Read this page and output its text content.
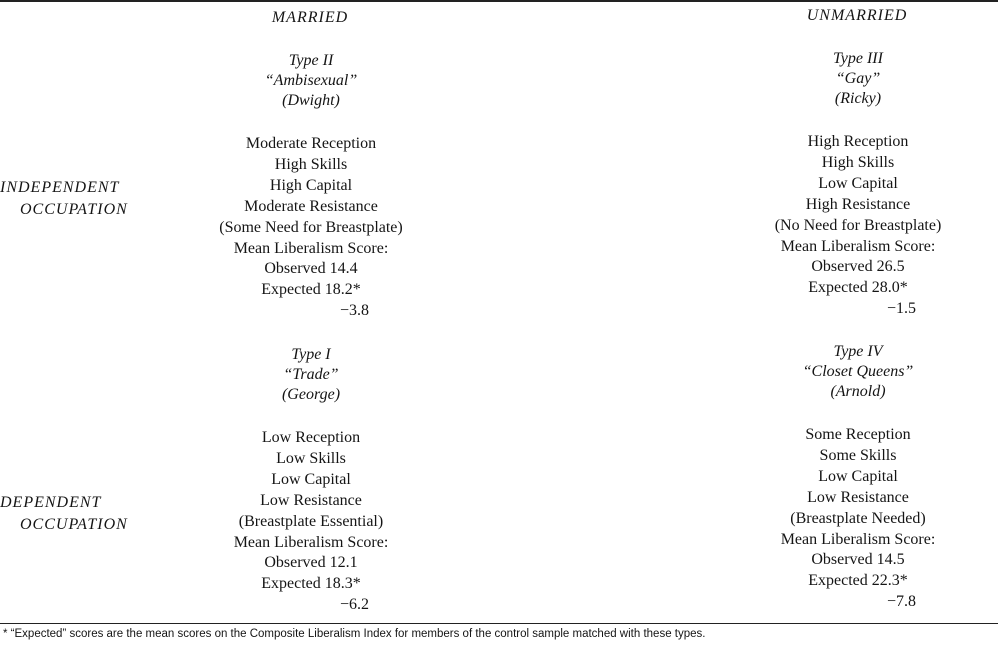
MARRIED	UNMARRIED
INDEPENDENT
OCCUPATION
DEPENDENT
OCCUPATION
Type II
“Ambisexual”
(Dwight)
Moderate Reception
High Skills
High Capital
Moderate Resistance
(Some Need for Breastplate)
Mean Liberalism Score:
Observed 14.4
Expected 18.2*
−3.8
Type III
“Gay”
(Ricky)
High Reception
High Skills
Low Capital
High Resistance
(No Need for Breastplate)
Mean Liberalism Score:
Observed 26.5
Expected 28.0*
−1.5
Type I
“Trade”
(George)
Low Reception
Low Skills
Low Capital
Low Resistance
(Breastplate Essential)
Mean Liberalism Score:
Observed 12.1
Expected 18.3*
−6.2
Type IV
“Closet Queens”
(Arnold)
Some Reception
Some Skills
Low Capital
Low Resistance
(Breastplate Needed)
Mean Liberalism Score:
Observed 14.5
Expected 22.3*
−7.8
* “Expected” scores are the mean scores on the Composite Liberalism Index for members of the control sample matched with these types.
